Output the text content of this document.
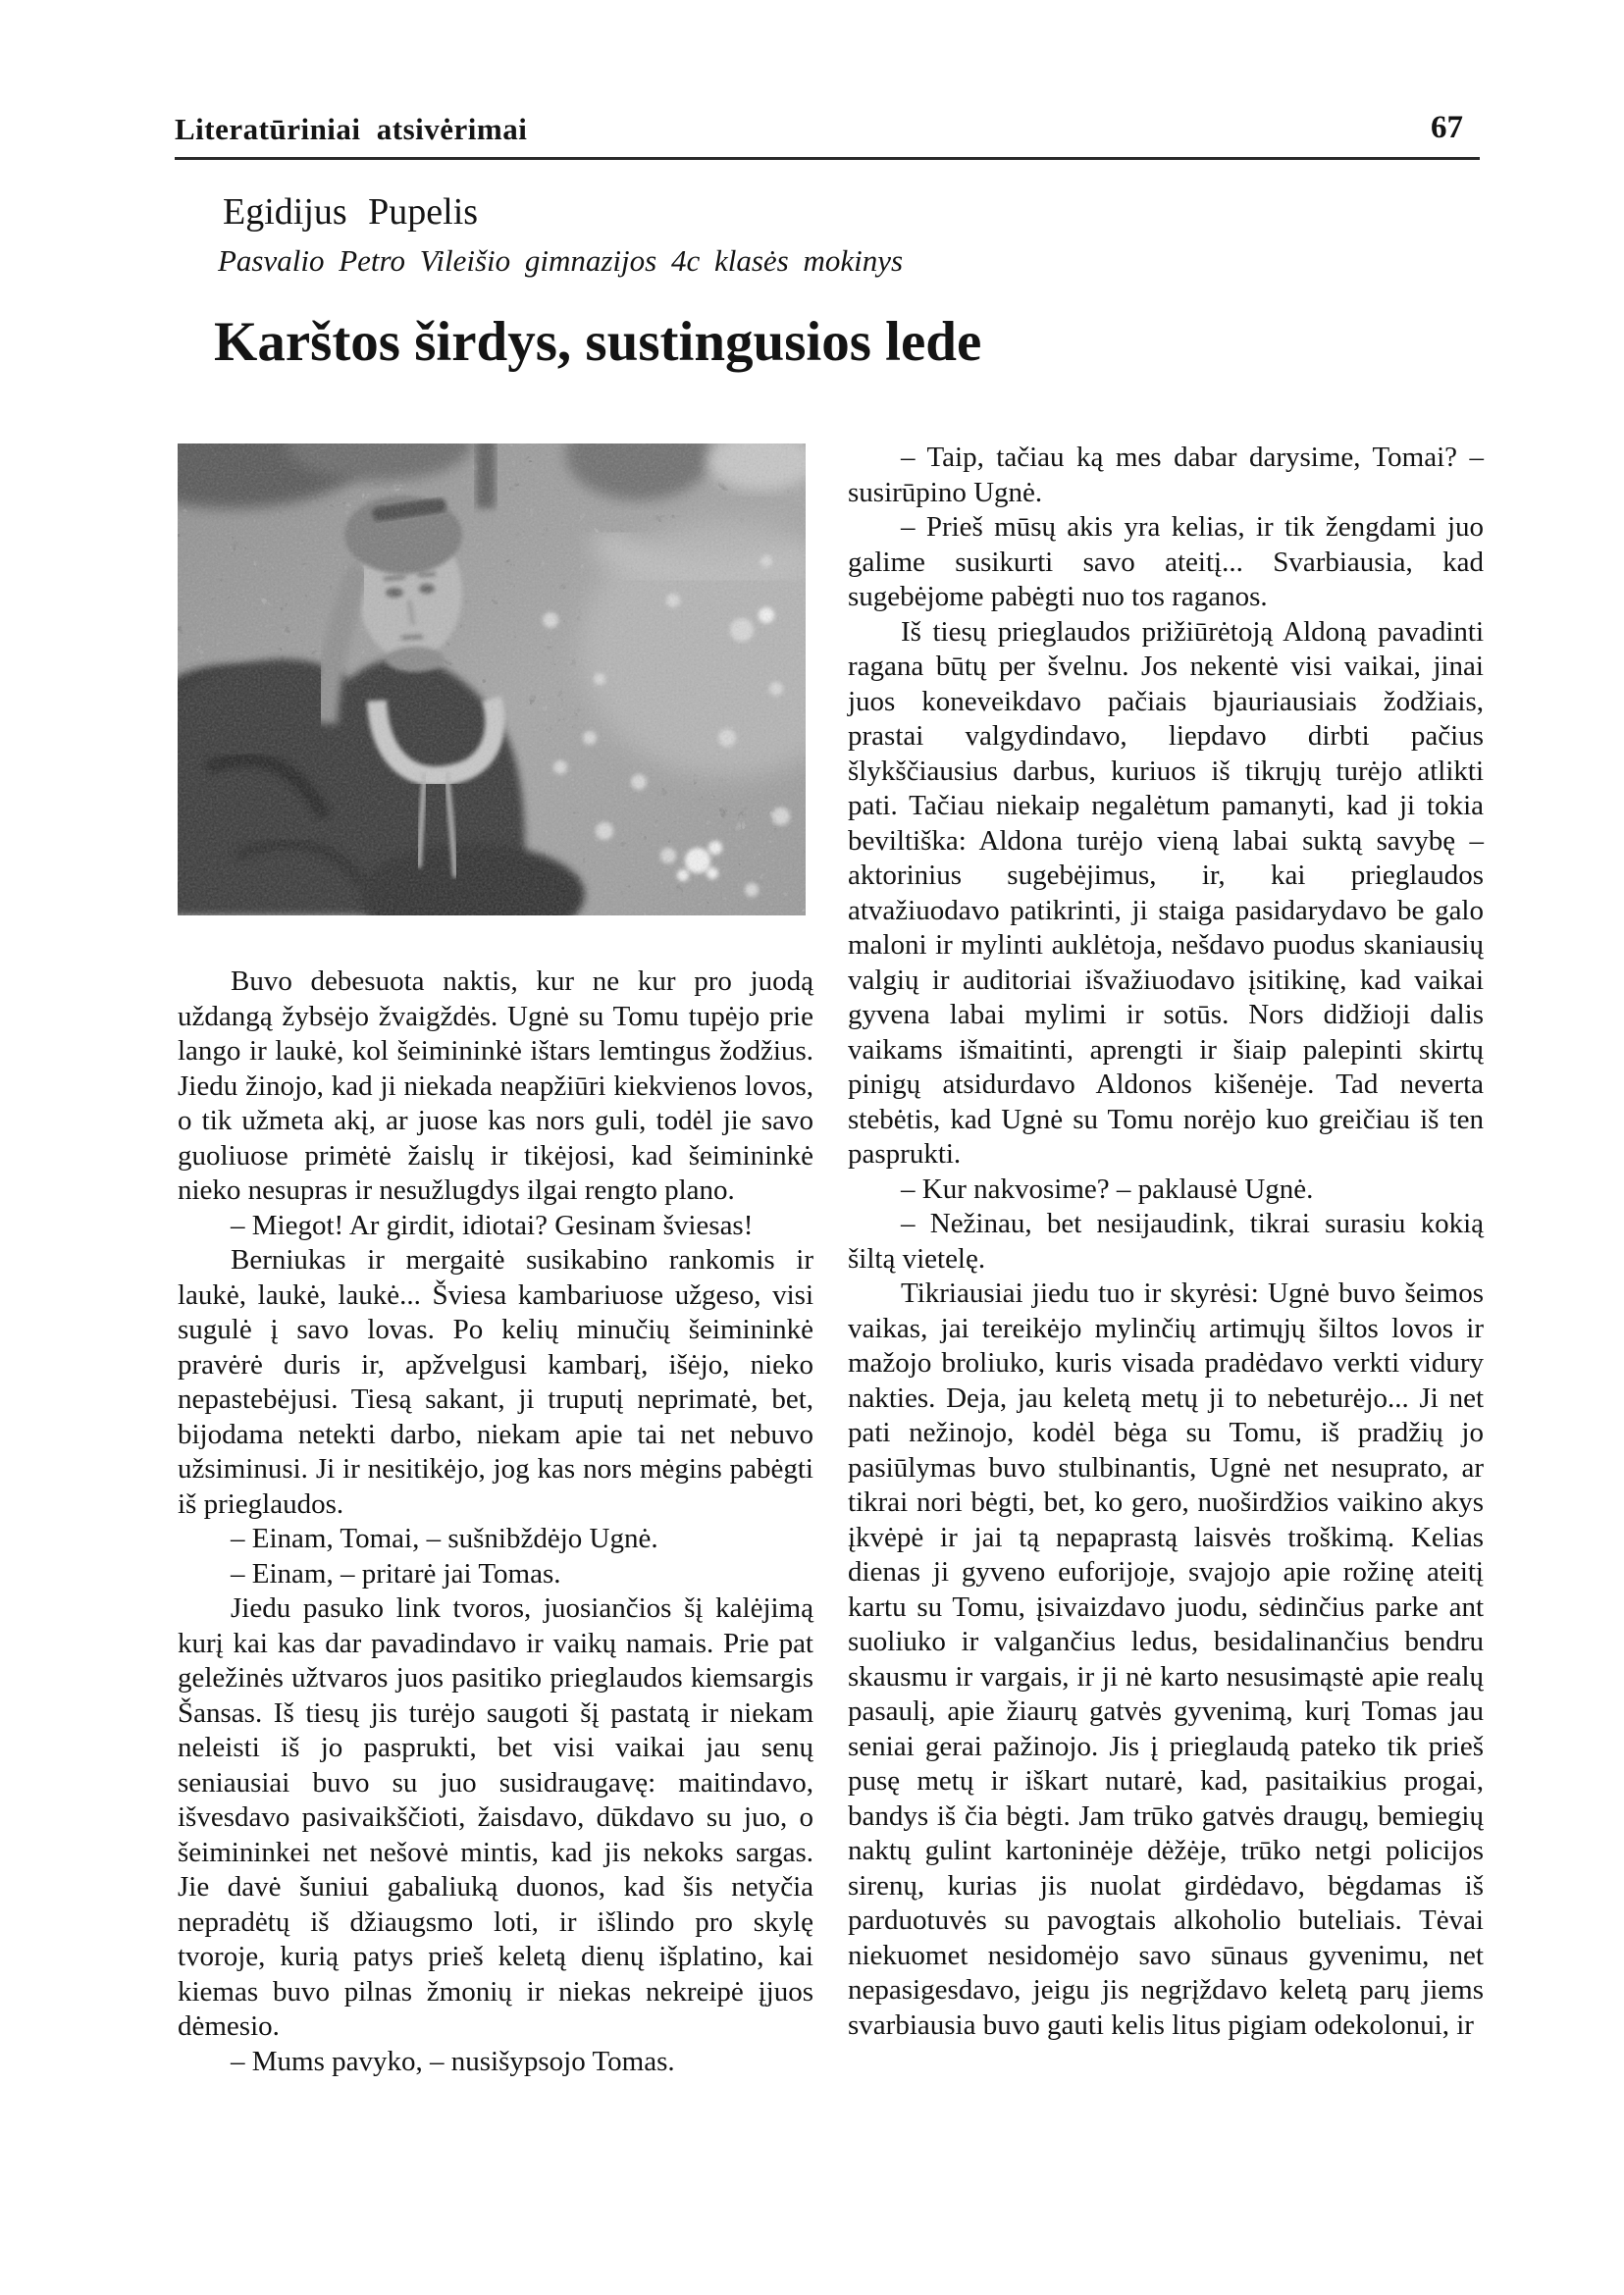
Literatūriniai atsivėrimai	67
Egidijus Pupelis
Pasvalio Petro Vileišio gimnazijos 4c klasės mokinys
Karštos širdys, sustingusios lede

Buvo debesuota naktis, kur ne kur pro juodą uždangą žybsėjo žvaigždės. Ugnė su Tomu tupėjo prie lango ir laukė, kol šeimininkė ištars lemtingus žodžius. Jiedu žinojo, kad ji niekada neapžiūri kiekvienos lovos, o tik užmeta akį, ar juose kas nors guli, todėl jie savo guoliuose primėtė žaislų ir tikėjosi, kad šeimininkė nieko nesupras ir nesužlugdys ilgai rengto plano.

– Miegot! Ar girdit, idiotai? Gesinam šviesas!

Berniukas ir mergaitė susikabino rankomis ir laukė, laukė, laukė... Šviesa kambariuose užgeso, visi sugulė į savo lovas. Po kelių minučių šeimininkė pravėrė duris ir, apžvelgusi kambarį, išėjo, nieko nepastebėjusi. Tiesą sakant, ji truputį neprimatė, bet, bijodama netekti darbo, niekam apie tai net nebuvo užsiminusi. Ji ir nesitikėjo, jog kas nors mėgins pabėgti iš prieglaudos.

– Einam, Tomai, – sušnibždėjo Ugnė.

– Einam, – pritarė jai Tomas.

Jiedu pasuko link tvoros, juosiančios šį kalėjimą kurį kai kas dar pavadindavo ir vaikų namais. Prie pat geležinės užtvaros juos pasitiko prieglaudos kiemsargis Šansas. Iš tiesų jis turėjo saugoti šį pastatą ir niekam neleisti iš jo pasprukti, bet visi vaikai jau senų seniausiai buvo su juo susidraugavę: maitindavo, išvesdavo pasivaikščioti, žaisdavo, dūkdavo su juo, o šeimininkei net nešovė mintis, kad jis nekoks sargas. Jie davė šuniui gabaliuką duonos, kad šis netyčia nepradėtų iš džiaugsmo loti, ir išlindo pro skylę tvoroje, kurią patys prieš keletą dienų išplatino, kai kiemas buvo pilnas žmonių ir niekas nekreipė įjuos dėmesio.

– Mums pavyko, – nusišypsojo Tomas.

– Taip, tačiau ką mes dabar darysime, Tomai? – susirūpino Ugnė.

– Prieš mūsų akis yra kelias, ir tik žengdami juo galime susikurti savo ateitį... Svarbiausia, kad sugebėjome pabėgti nuo tos raganos.

Iš tiesų prieglaudos prižiūrėtoją Aldoną pavadinti ragana būtų per švelnu. Jos nekentė visi vaikai, jinai juos koneveikdavo pačiais bjauriausiais žodžiais, prastai valgydindavo, liepdavo dirbti pačius šlykščiausius darbus, kuriuos iš tikrųjų turėjo atlikti pati. Tačiau niekaip negalėtum pamanyti, kad ji tokia beviltiška: Aldona turėjo vieną labai suktą savybę – aktorinius sugebėjimus, ir, kai prieglaudos atvažiuodavo patikrinti, ji staiga pasidarydavo be galo maloni ir mylinti auklėtoja, nešdavo puodus skaniausių valgių ir auditoriai išvažiuodavo įsitikinę, kad vaikai gyvena labai mylimi ir sotūs. Nors didžioji dalis vaikams išmaitinti, aprengti ir šiaip palepinti skirtų pinigų atsidurdavo Aldonos kišenėje. Tad neverta stebėtis, kad Ugnė su Tomu norėjo kuo greičiau iš ten pasprukti.

– Kur nakvosime? – paklausė Ugnė.

– Nežinau, bet nesijaudink, tikrai surasiu kokią šiltą vietelę.

Tikriausiai jiedu tuo ir skyrėsi: Ugnė buvo šeimos vaikas, jai tereikėjo mylinčių artimųjų šiltos lovos ir mažojo broliuko, kuris visada pradėdavo verkti vidury nakties. Deja, jau keletą metų ji to nebeturėjo... Ji net pati nežinojo, kodėl bėga su Tomu, iš pradžių jo pasiūlymas buvo stulbinantis, Ugnė net nesuprato, ar tikrai nori bėgti, bet, ko gero, nuoširdžios vaikino akys įkvėpė ir jai tą nepaprastą laisvės troškimą. Kelias dienas ji gyveno euforijoje, svajojo apie rožinę ateitį kartu su Tomu, įsivaizdavo juodu, sėdinčius parke ant suoliuko ir valgančius ledus, besidalinančius bendru skausmu ir vargais, ir ji nė karto nesusimąstė apie realų pasaulį, apie žiaurų gatvės gyvenimą, kurį Tomas jau seniai gerai pažinojo. Jis į prieglaudą pateko tik prieš pusę metų ir iškart nutarė, kad, pasitaikius progai, bandys iš čia bėgti. Jam trūko gatvės draugų, bemiegių naktų gulint kartoninėje dėžėje, trūko netgi policijos sirenų, kurias jis nuolat girdėdavo, bėgdamas iš parduotuvės su pavogtais alkoholio buteliais. Tėvai niekuomet nesidomėjo savo sūnaus gyvenimu, net nepasigesdavo, jeigu jis negrįždavo keletą parų jiems svarbiausia buvo gauti kelis litus pigiam odekolonui, ir
